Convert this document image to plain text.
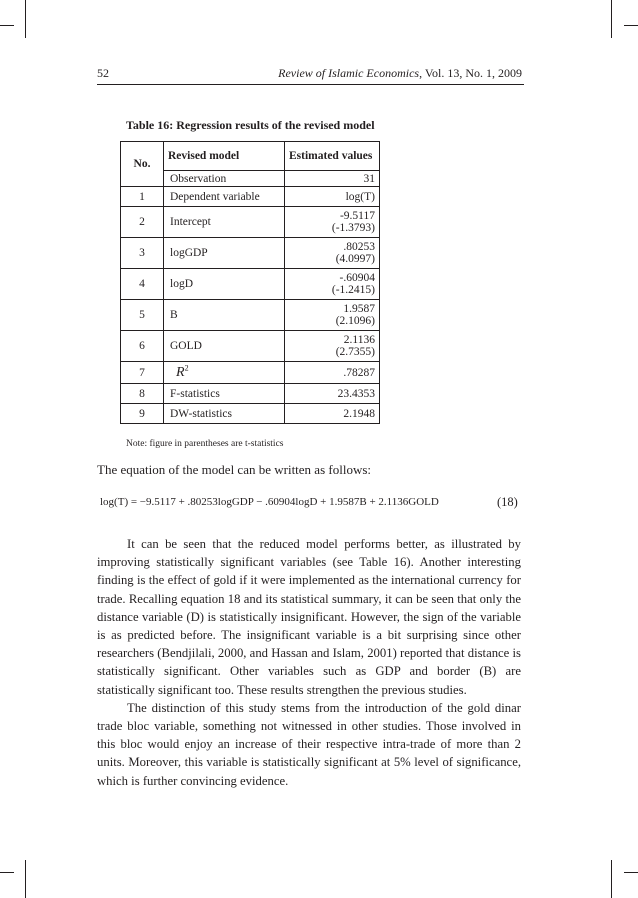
52	Review of Islamic Economics, Vol. 13, No. 1, 2009
Table 16: Regression results of the revised model
No.	Revised model	Estimated values
	Observation	31
1	Dependent variable	log(T)
2	Intercept	-9.5117
(-1.3793)

3	logGDP	.80253
(4.0997)

4	logD	-.60904
(-1.2415)

5	B	1.9587
(2.1096)

6	GOLD	2.1136
(2.7355)

7	$R^2$	.78287
8	F-statistics	23.4353
9	DW-statistics	2.1948
Note: figure in parentheses are t-statistics
The equation of the model can be written as follows:
log(T) = −9.5117 + .80253logGDP − .60904logD + 1.9587B + 2.1136GOLD	(18)

It can be seen that the reduced model performs better, as illustrated by improving statistically significant variables (see Table 16). Another interesting finding is the effect of gold if it were implemented as the international currency for trade. Recalling equation 18 and its statistical summary, it can be seen that only the distance variable (D) is statistically insignificant. However, the sign of the variable is as predicted before. The insignificant variable is a bit surprising since other researchers (Bendjilali, 2000, and Hassan and Islam, 2001) reported that distance is statistically significant. Other variables such as GDP and border (B) are statistically significant too. These results strengthen the previous studies.

The distinction of this study stems from the introduction of the gold dinar trade bloc variable, something not witnessed in other studies. Those involved in this bloc would enjoy an increase of their respective intra-trade of more than 2 units. Moreover, this variable is statistically significant at 5% level of significance, which is further convincing evidence.
